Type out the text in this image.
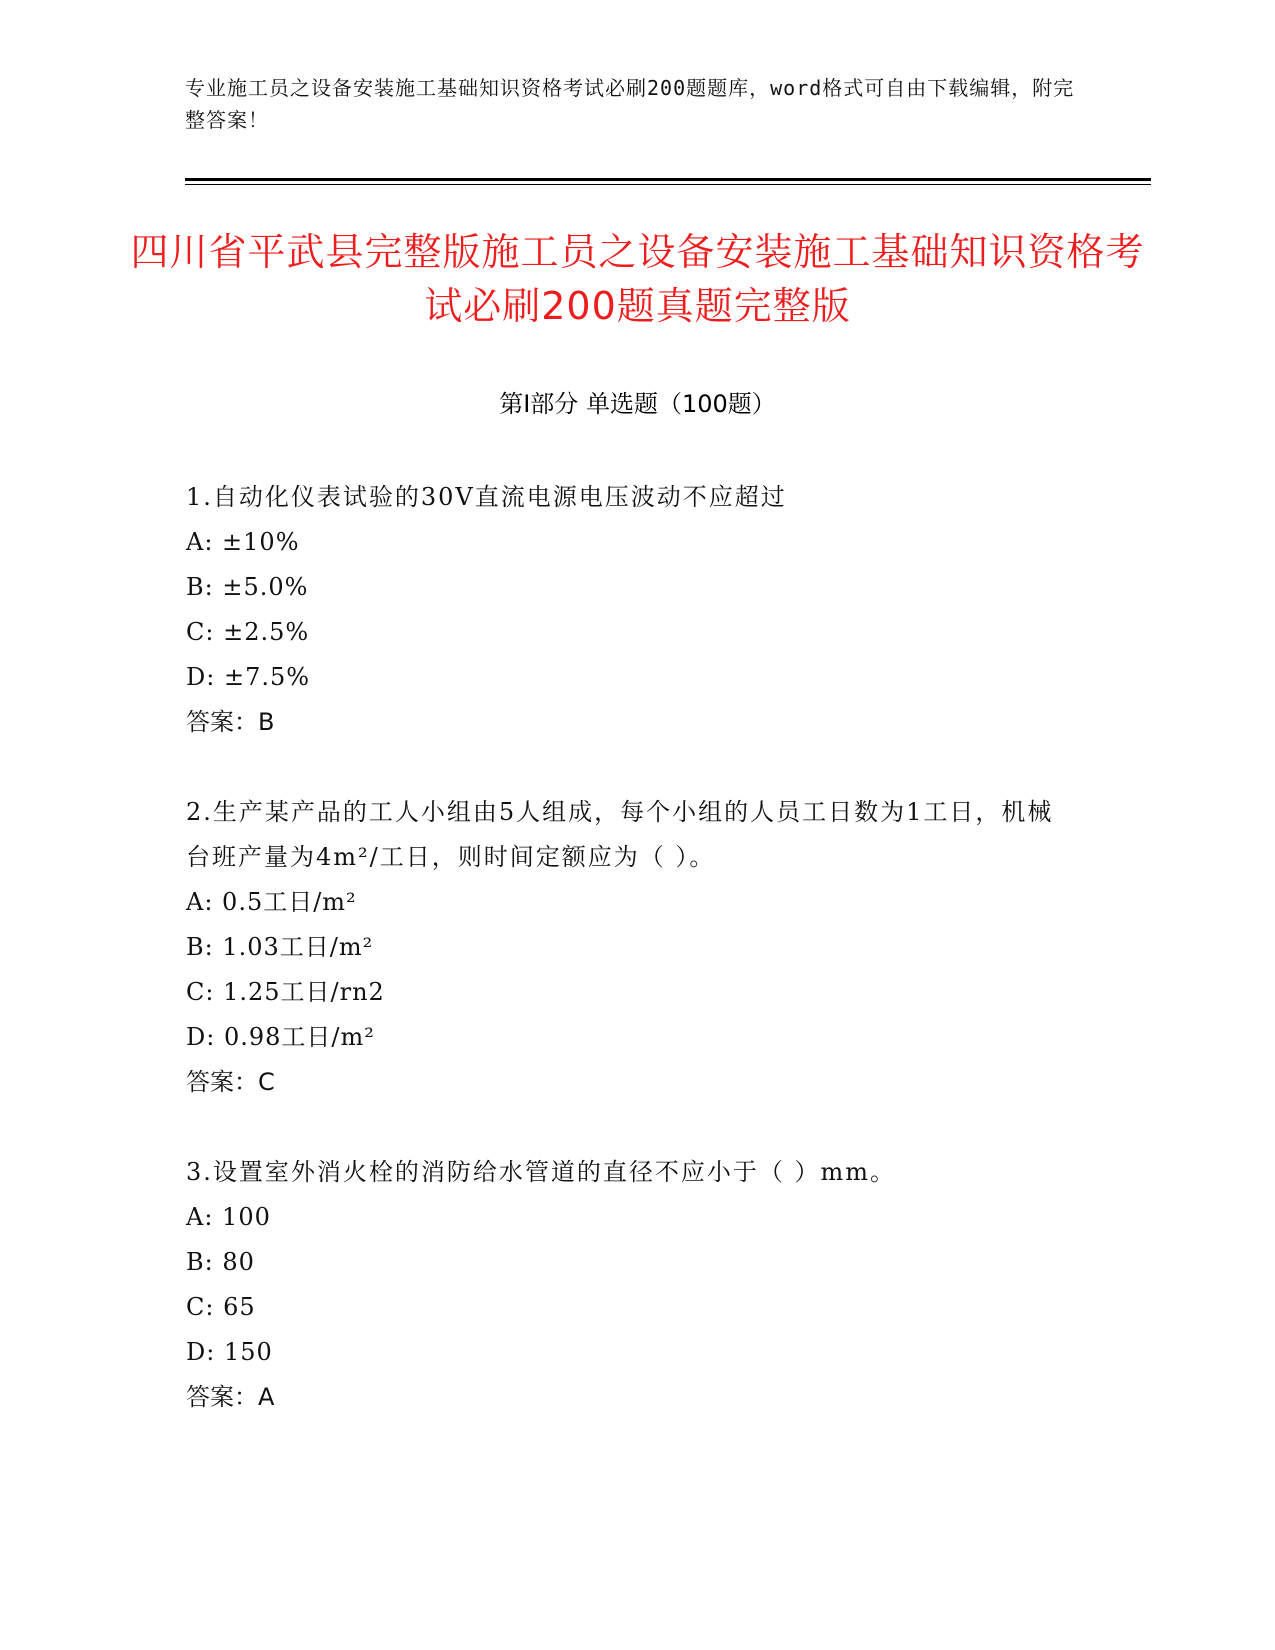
专业施工员之设备安装施工基础知识资格考试必刷200题题库，word格式可自由下载编辑，附完整答案！
四川省平武县完整版施工员之设备安装施工基础知识资格考试必刷200题真题完整版
第Ⅰ部分 单选题（100题）
1.自动化仪表试验的30V直流电源电压波动不应超过
A: ±10%
B: ±5.0%
C: ±2.5%
D: ±7.5%
答案：B
2.生产某产品的工人小组由5人组成，每个小组的人员工日数为1工日，机械台班产量为4m²/工日，则时间定额应为（ ）。
A: 0.5工日/m²
B: 1.03工日/m²
C: 1.25工日/rn2
D: 0.98工日/m²
答案：C
3.设置室外消火栓的消防给水管道的直径不应小于（ ）mm。
A: 100
B: 80
C: 65
D: 150
答案：A
